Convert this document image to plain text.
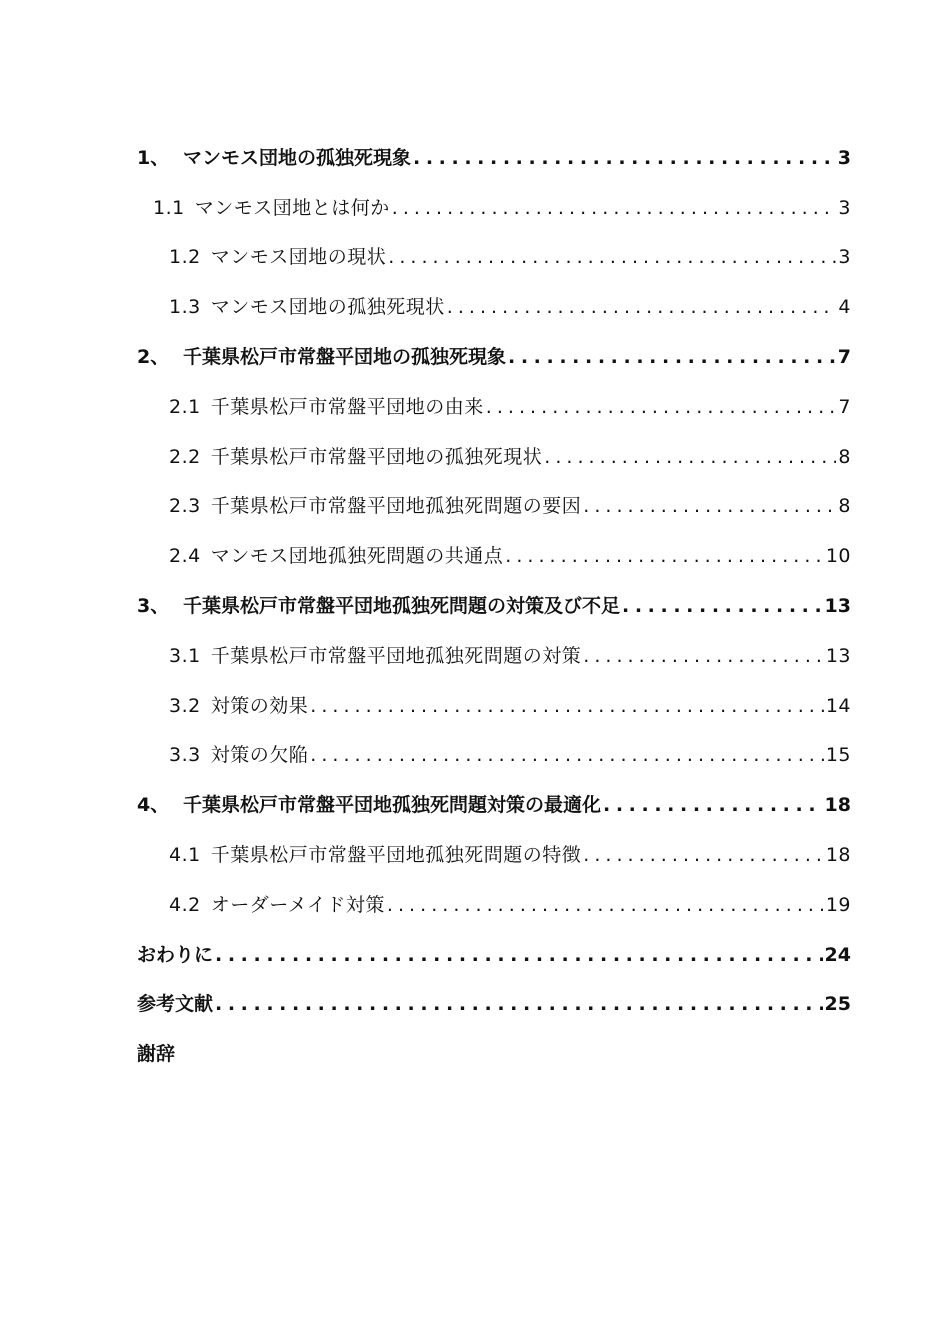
1、 マンモス団地の孤独死現象 . . .	3
1.1 マンモス団地とは何か . . .	3
1.2 マンモス団地の現状 . . .	3
1.3 マンモス団地の孤独死現状 . . .	4
2、 千葉県松戸市常盤平団地の孤独死現象 . . .	7
2.1 千葉県松戸市常盤平団地の由来 . . .	7
2.2 千葉県松戸市常盤平団地の孤独死現状 . . .	8
2.3 千葉県松戸市常盤平団地孤独死問題の要因 . . .	8
2.4 マンモス団地孤独死問題の共通点 . . .	10
3、 千葉県松戸市常盤平団地孤独死問題の対策及び不足 . . .	13
3.1 千葉県松戸市常盤平団地孤独死問題の対策 . . .	13
3.2 対策の効果 . . .	14
3.3 対策の欠陥 . . .	15
4、 千葉県松戸市常盤平団地孤独死問題対策の最適化 . . .	18
4.1 千葉県松戸市常盤平団地孤独死問題の特徴 . . .	18
4.2 オーダーメイド対策 . . .	19
おわりに . . .	24
参考文献 . . .	25
謝辞
